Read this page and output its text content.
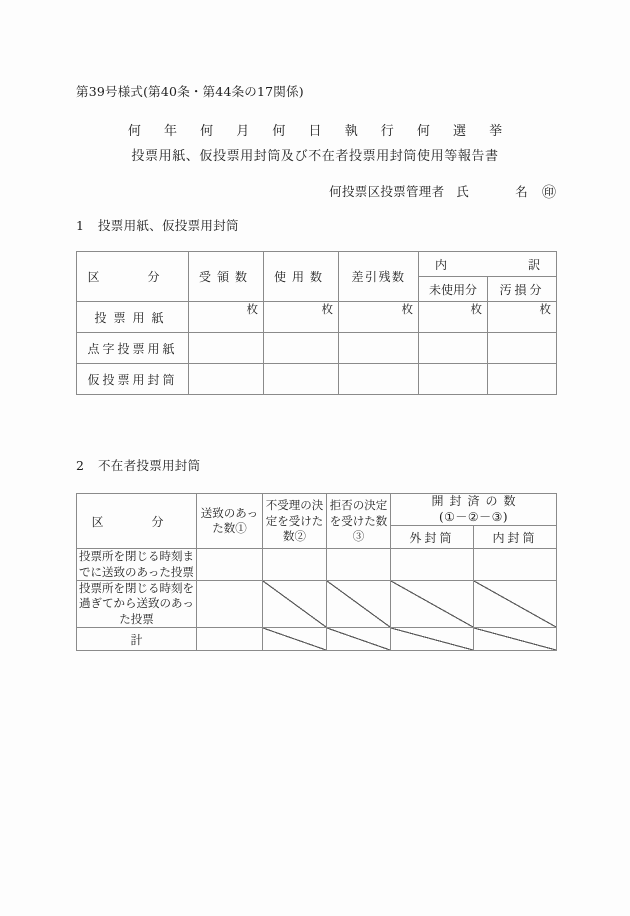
第39号様式(第40条・第44条の17関係)
何 年 何 月 何 日 執 行 何 選 挙
投票用紙、仮投票用封筒及び不在者投票用封筒使用等報告書
何投票区投票管理者 氏	名 ㊞
1 投票用紙、仮投票用封筒
区　分	受領数	使用数	差引残数	内 訳	

				未使用分	汚損分
投票用紙	枚	枚	枚	枚	枚

点字投票用紙					
仮投票用封筒					
2 不在者投票用封筒
区　分	送致のあった数①	不受理の決定を受けた数②	拒否の決定を受けた数　③	開封済の数
(①－②－③)	

				外封筒	内封筒
投票所を閉じる時刻までに送致のあった投票					
投票所を閉じる時刻を過ぎてから送致のあった投票					
計					
